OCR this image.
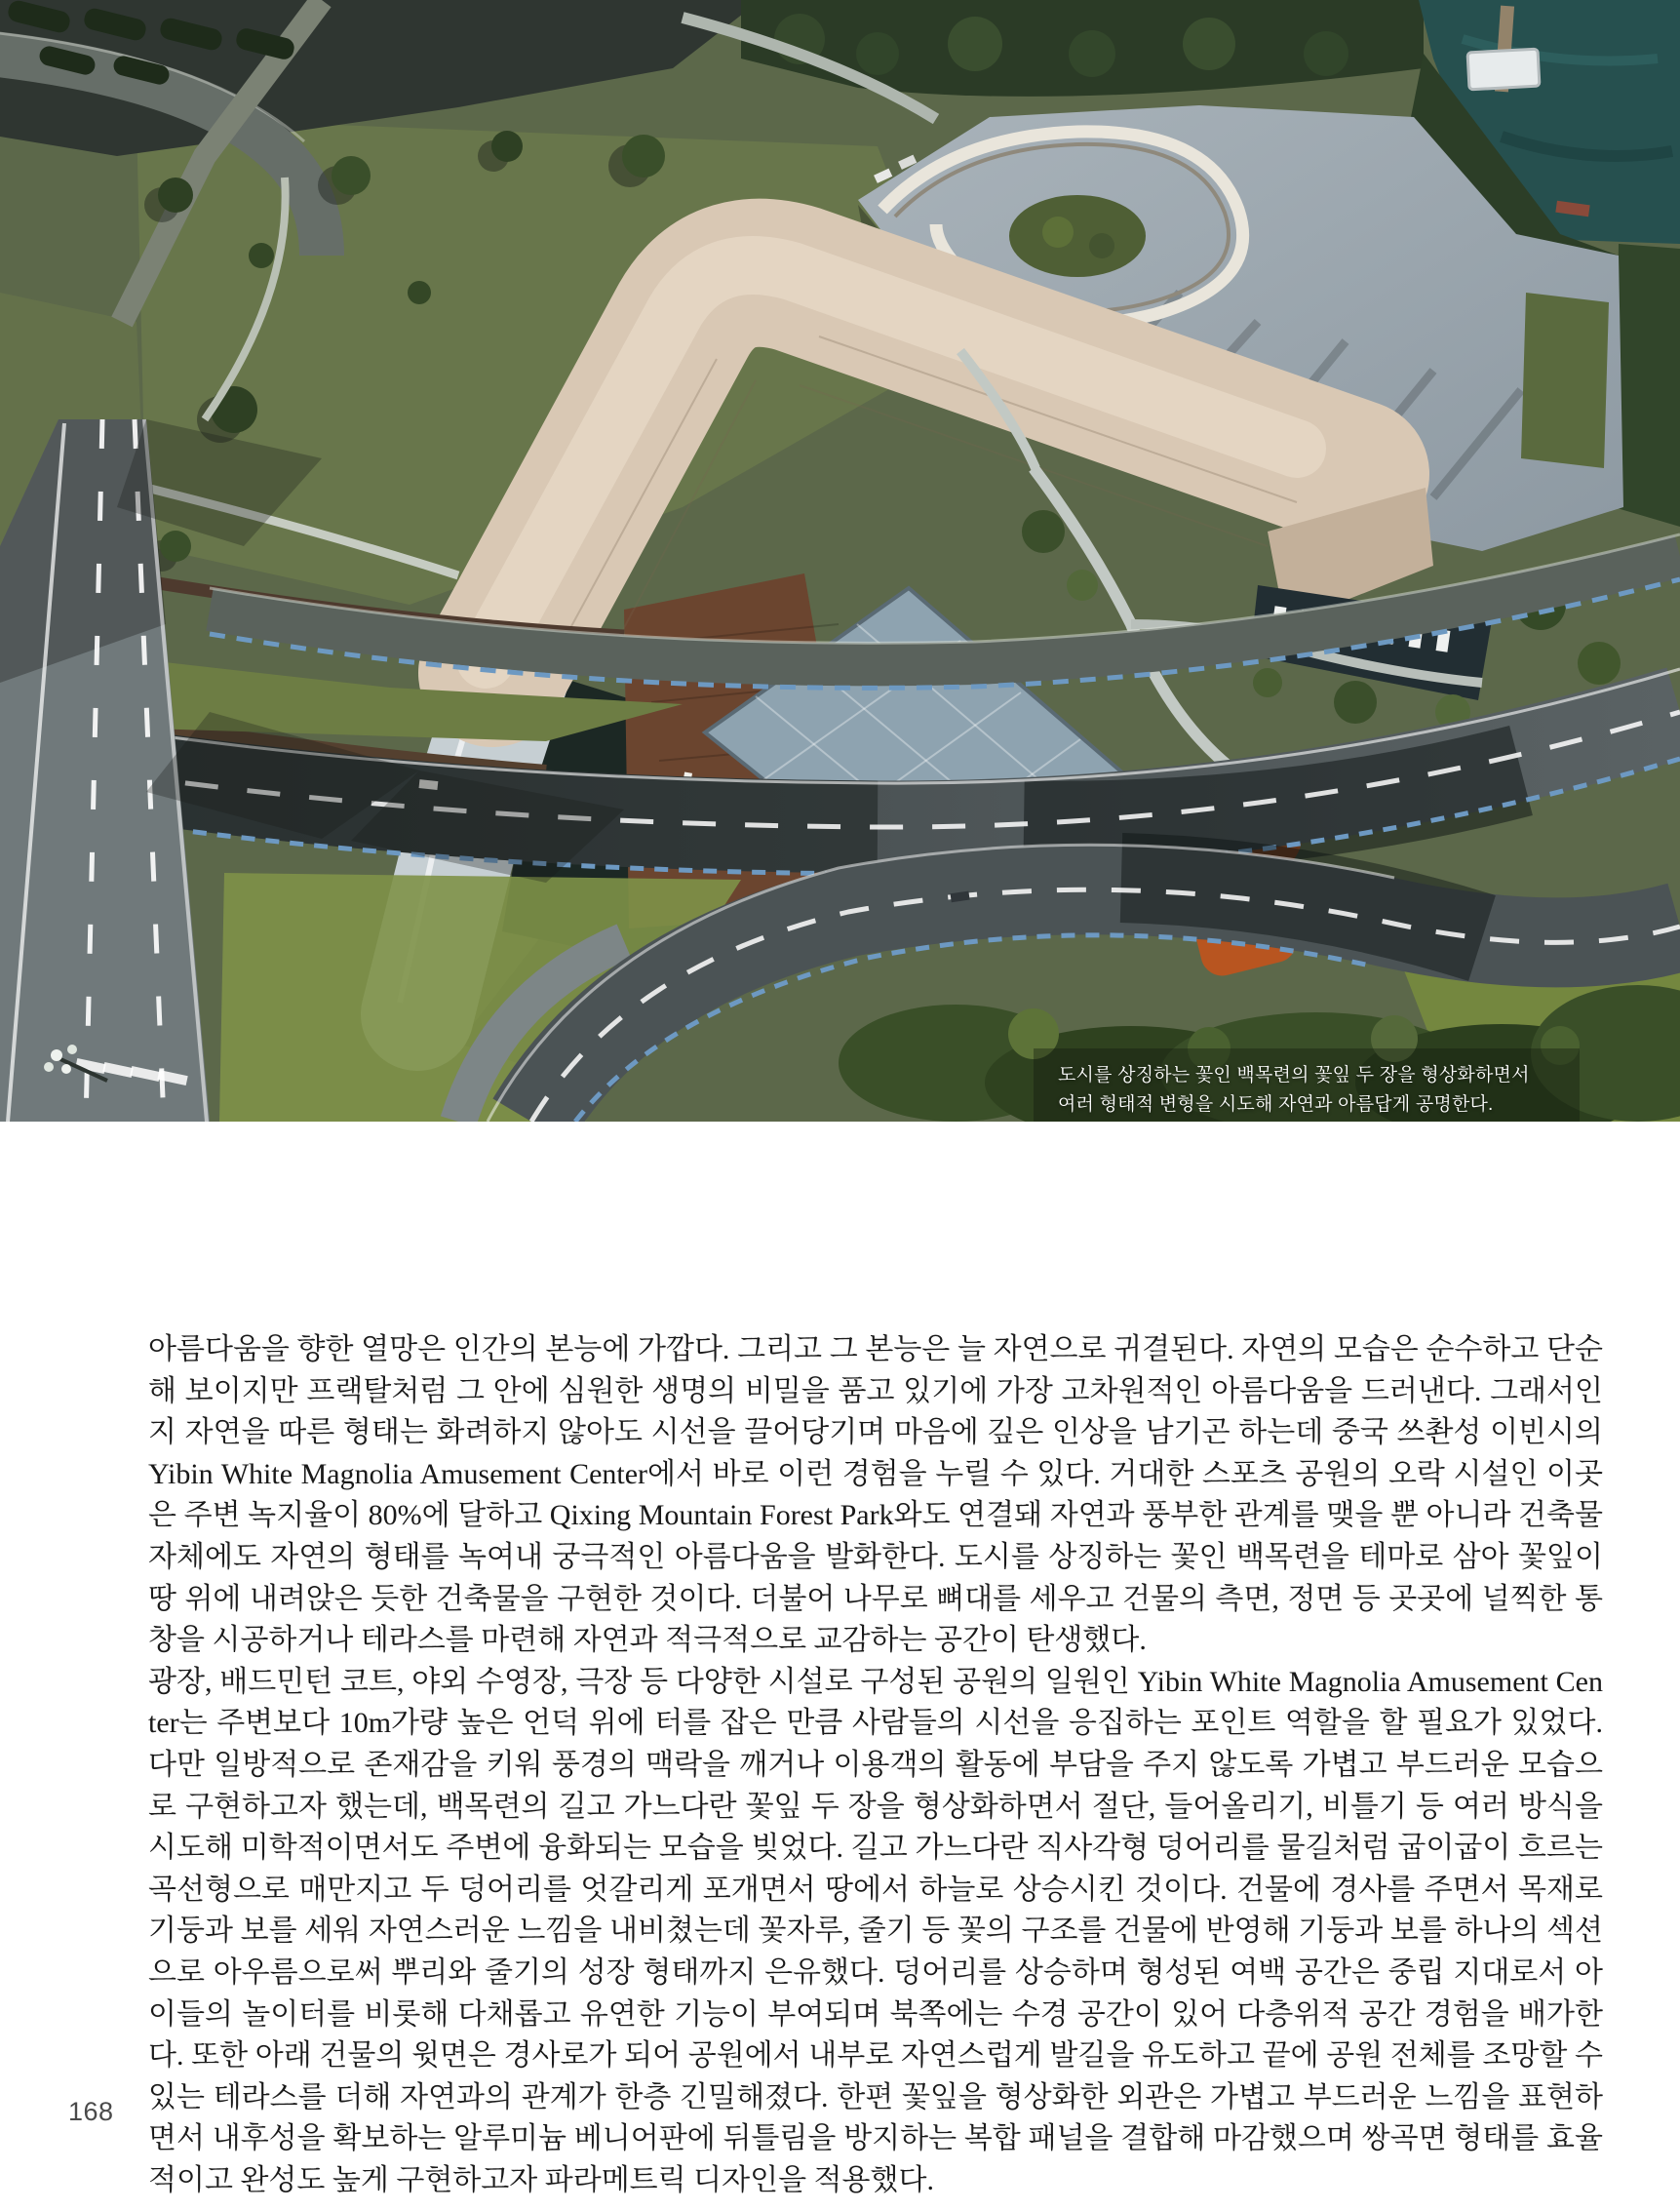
도시를 상징하는 꽃인 백목련의 꽃잎 두 장을 형상화하면서
여러 형태적 변형을 시도해 자연과 아름답게 공명한다.

아름다움을 향한 열망은 인간의 본능에 가깝다. 그리고 그 본능은 늘 자연으로 귀결된다. 자연의 모습은 순수하고 단순해 보이지만 프랙탈처럼 그 안에 심원한 생명의 비밀을 품고 있기에 가장 고차원적인 아름다움을 드러낸다. 그래서인지 자연을 따른 형태는 화려하지 않아도 시선을 끌어당기며 마음에 깊은 인상을 남기곤 하는데 중국 쓰촨성 이빈시의 Yibin White Magnolia Amusement Center에서 바로 이런 경험을 누릴 수 있다. 거대한 스포츠 공원의 오락 시설인 이곳은 주변 녹지율이 80%에 달하고 Qixing Mountain Forest Park와도 연결돼 자연과 풍부한 관계를 맺을 뿐 아니라 건축물 자체에도 자연의 형태를 녹여내 궁극적인 아름다움을 발화한다. 도시를 상징하는 꽃인 백목련을 테마로 삼아 꽃잎이 땅 위에 내려앉은 듯한 건축물을 구현한 것이다. 더불어 나무로 뼈대를 세우고 건물의 측면, 정면 등 곳곳에 널찍한 통창을 시공하거나 테라스를 마련해 자연과 적극적으로 교감하는 공간이 탄생했다.

광장, 배드민턴 코트, 야외 수영장, 극장 등 다양한 시설로 구성된 공원의 일원인 Yibin White Magnolia Amusement Center는 주변보다 10m가량 높은 언덕 위에 터를 잡은 만큼 사람들의 시선을 응집하는 포인트 역할을 할 필요가 있었다. 다만 일방적으로 존재감을 키워 풍경의 맥락을 깨거나 이용객의 활동에 부담을 주지 않도록 가볍고 부드러운 모습으로 구현하고자 했는데, 백목련의 길고 가느다란 꽃잎 두 장을 형상화하면서 절단, 들어올리기, 비틀기 등 여러 방식을 시도해 미학적이면서도 주변에 융화되는 모습을 빚었다. 길고 가느다란 직사각형 덩어리를 물길처럼 굽이굽이 흐르는 곡선형으로 매만지고 두 덩어리를 엇갈리게 포개면서 땅에서 하늘로 상승시킨 것이다. 건물에 경사를 주면서 목재로 기둥과 보를 세워 자연스러운 느낌을 내비쳤는데 꽃자루, 줄기 등 꽃의 구조를 건물에 반영해 기둥과 보를 하나의 섹션으로 아우름으로써 뿌리와 줄기의 성장 형태까지 은유했다. 덩어리를 상승하며 형성된 여백 공간은 중립 지대로서 아이들의 놀이터를 비롯해 다채롭고 유연한 기능이 부여되며 북쪽에는 수경 공간이 있어 다층위적 공간 경험을 배가한다. 또한 아래 건물의 윗면은 경사로가 되어 공원에서 내부로 자연스럽게 발길을 유도하고 끝에 공원 전체를 조망할 수 있는 테라스를 더해 자연과의 관계가 한층 긴밀해졌다. 한편 꽃잎을 형상화한 외관은 가볍고 부드러운 느낌을 표현하면서 내후성을 확보하는 알루미늄 베니어판에 뒤틀림을 방지하는 복합 패널을 결합해 마감했으며 쌍곡면 형태를 효율적이고 완성도 높게 구현하고자 파라메트릭 디자인을 적용했다.

168
